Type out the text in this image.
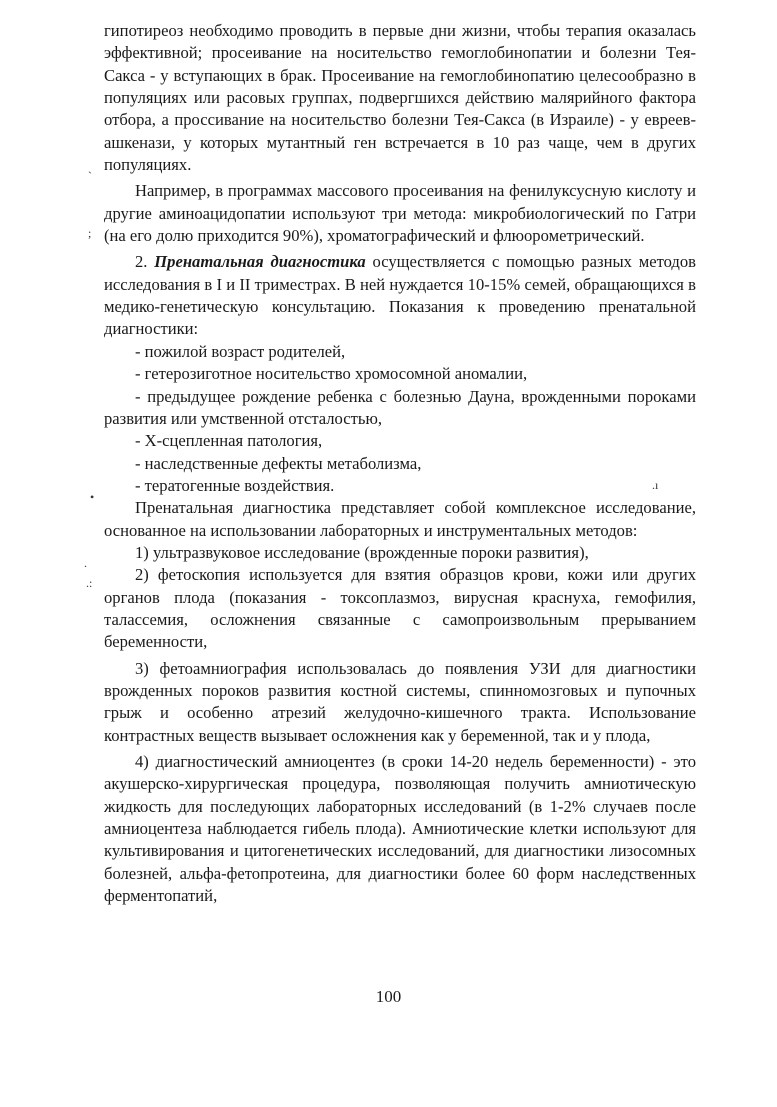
гипотиреоз необходимо проводить в первые дни жизни, чтобы терапия оказалась эффективной; просеивание на носительство гемоглобинопатии и болезни Тея-Сакса - у вступающих в брак. Просеивание на гемоглобинопатию целесообразно в популяциях или расовых группах, подвергшихся действию малярийного фактора отбора, а проссивание на носительство болезни Тея-Сакса (в Израиле) - у евреев-ашкенази, у которых мутантный ген встречается в 10 раз чаще, чем в других популяциях.

Например, в программах массового просеивания на фенилуксусную кислоту и другие аминоацидопатии используют три метода: микробиологический по Гатри (на его долю приходится 90%), хроматографический и флюорометрический.

2. Пренатальная диагностика осуществляется с помощью разных методов исследования в I и II триместрах. В ней нуждается 10-15% семей, обращающихся в медико-генетическую консультацию. Показания к проведению пренатальной диагностики:

- пожилой возраст родителей,

- гетерозиготное носительство хромосомной аномалии,

- предыдущее рождение ребенка с болезнью Дауна, врожденными пороками развития или умственной отсталостью,

- Х-сцепленная патология,

- наследственные дефекты метаболизма,

- тератогенные воздействия.

Пренатальная диагностика представляет собой комплексное исследование, основанное на использовании лабораторных и инструментальных методов:

1) ультразвуковое исследование (врожденные пороки развития),

2) фетоскопия используется для взятия образцов крови, кожи или других органов плода (показания - токсоплазмоз, вирусная краснуха, гемофилия, талассемия, осложнения связанные с самопроизвольным прерыванием беременности,

3) фетоамниография использовалась до появления УЗИ для диагностики врожденных пороков развития костной системы, спинномозговых и пупочных грыж и особенно атрезий желудочно-кишечного тракта. Использование контрастных веществ вызывает осложнения как у беременной, так и у плода,

4) диагностический амниоцентез (в сроки 14-20 недель беременности) - это акушерско-хирургическая процедура, позволяющая получить амниотическую жидкость для последующих лабораторных исследований (в 1-2% случаев после амниоцентеза наблюдается гибель плода). Амниотические клетки используют для культивирования и цитогенетических исследований, для диагностики лизосомных болезней, альфа-фетопротеина, для диагностики более 60 форм наследственных ферментопатий,

100
ˏ
;
•
.
.:
.ı
